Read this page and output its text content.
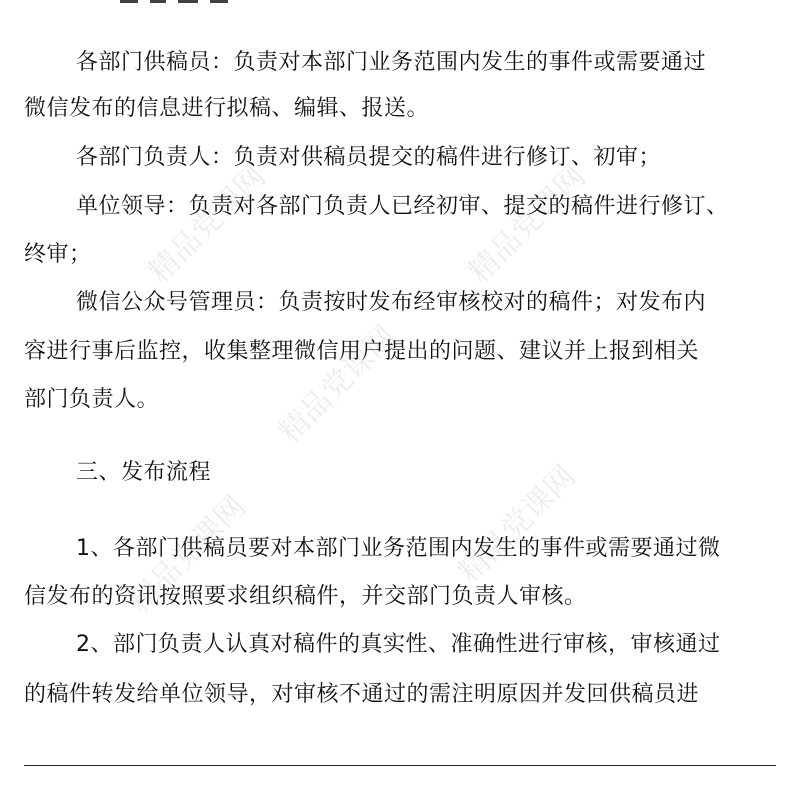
精品党课网	精品党课网
精品党课网
精品党课网
精品党课网
各部门供稿员：负责对本部门业务范围内发生的事件或需要通过
微信发布的信息进行拟稿、编辑、报送。
各部门负责人：负责对供稿员提交的稿件进行修订、初审；
单位领导：负责对各部门负责人已经初审、提交的稿件进行修订、
终审；
微信公众号管理员：负责按时发布经审核校对的稿件；对发布内
容进行事后监控，收集整理微信用户提出的问题、建议并上报到相关
部门负责人。
三、发布流程
1、各部门供稿员要对本部门业务范围内发生的事件或需要通过微
信发布的资讯按照要求组织稿件，并交部门负责人审核。
2、部门负责人认真对稿件的真实性、准确性进行审核，审核通过
的稿件转发给单位领导，对审核不通过的需注明原因并发回供稿员进
